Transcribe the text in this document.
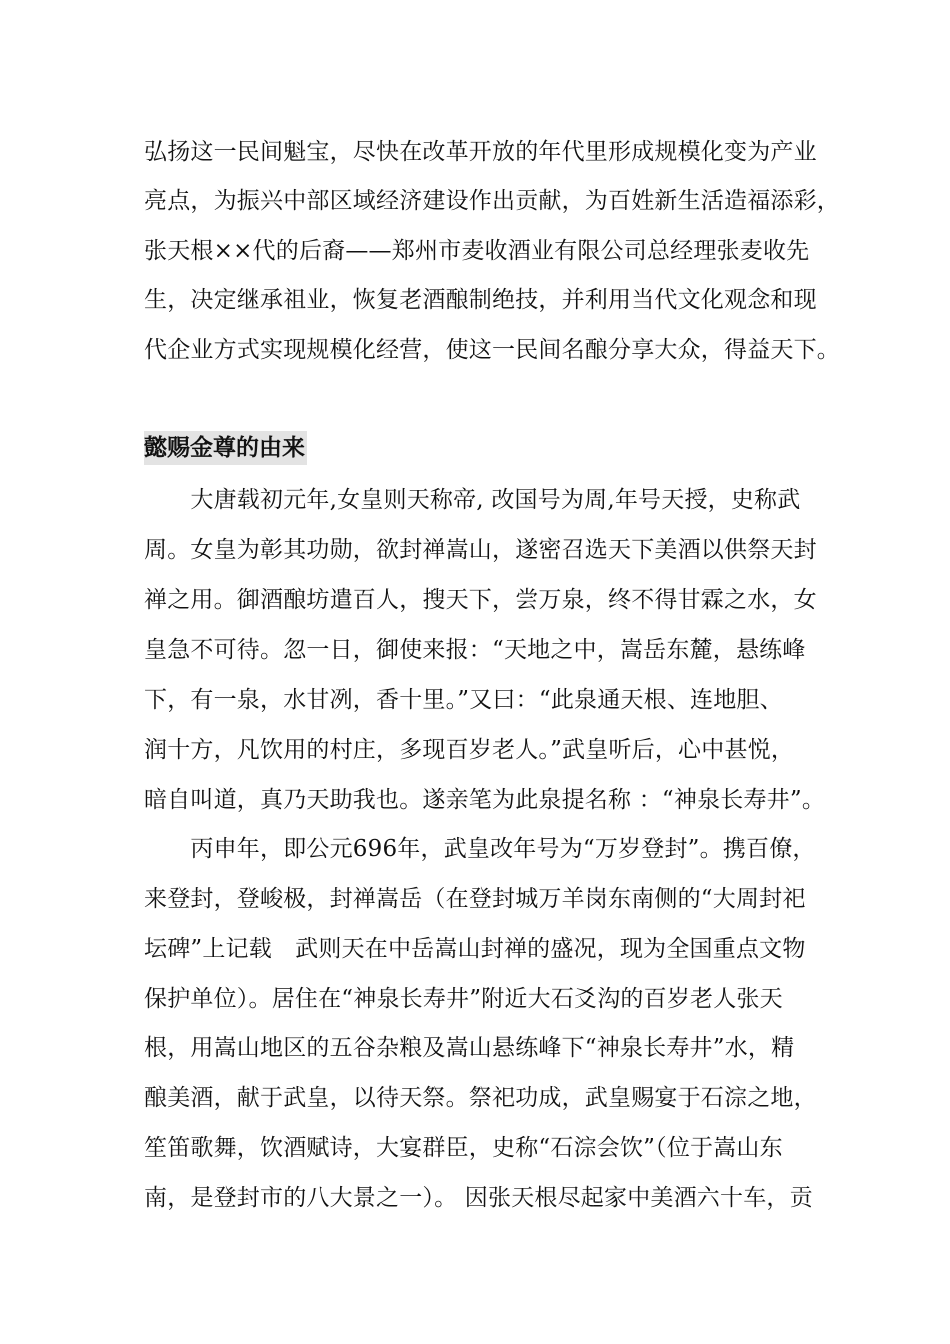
弘扬这一民间魁宝，尽快在改革开放的年代里形成规模化变为产业
亮点，为振兴中部区域经济建设作出贡献，为百姓新生活造福添彩，
张天根××代的后裔——郑州市麦收酒业有限公司总经理张麦收先
生，决定继承祖业，恢复老酒酿制绝技，并利用当代文化观念和现
代企业方式实现规模化经营，使这一民间名酿分享大众，得益天下。
懿赐金尊的由来
　　大唐载初元年,女皇则天称帝, 改国号为周,年号天授，史称武
周。女皇为彰其功勋，欲封禅嵩山，遂密召选天下美酒以供祭天封
禅之用。御酒酿坊遣百人，搜天下，尝万泉，终不得甘霖之水，女
皇急不可待。忽一日，御使来报：“天地之中，嵩岳东麓，悬练峰
下，有一泉，水甘冽，香十里。”又曰：“此泉通天根、连地胆、
润十方，凡饮用的村庄，多现百岁老人。”武皇听后，心中甚悦，
暗自叫道，真乃天助我也。遂亲笔为此泉提名称 ：“神泉长寿井”。
　　丙申年，即公元696年，武皇改年号为“万岁登封”。携百僚，
来登封，登峻极，封禅嵩岳（在登封城万羊岗东南侧的“大周封祀
坛碑”上记载　武则天在中岳嵩山封禅的盛况，现为全国重点文物
保护单位）。居住在“神泉长寿井”附近大石爻沟的百岁老人张天
根，用嵩山地区的五谷杂粮及嵩山悬练峰下“神泉长寿井”水，精
酿美酒，献于武皇，以待天祭。祭祀功成，武皇赐宴于石淙之地，
笙笛歌舞，饮酒赋诗，大宴群臣，史称“石淙会饮”（位于嵩山东
南，是登封市的八大景之一）。 因张天根尽起家中美酒六十车，贡
